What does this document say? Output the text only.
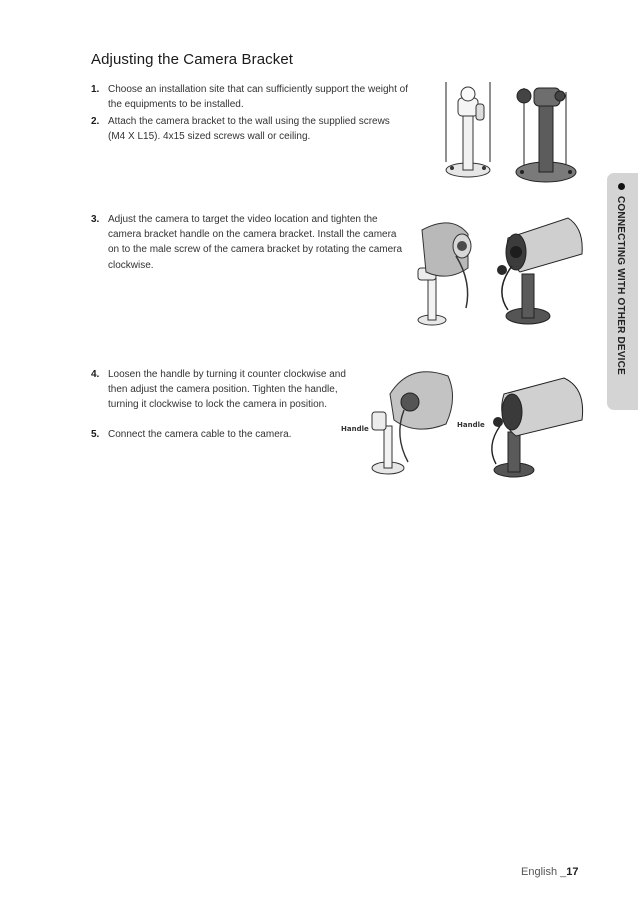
Adjusting the Camera Bracket
1. Choose an installation site that can sufficiently support the weight of the equipments to be installed.
2. Attach the camera bracket to the wall using the supplied screws (M4 X L15). 4x15 sized screws wall or ceiling.
3. Adjust the camera to target the video location and tighten the camera bracket handle on the camera bracket. Install the camera on to the male screw of the camera bracket by rotating the camera clockwise.
4. Loosen the handle by turning it counter clockwise and then adjust the camera position. Tighten the handle, turning it clockwise to lock the camera in position.
5. Connect the camera cable to the camera.	Handle	Handle
CONNECTING WITH OTHER DEVICE
English _17
